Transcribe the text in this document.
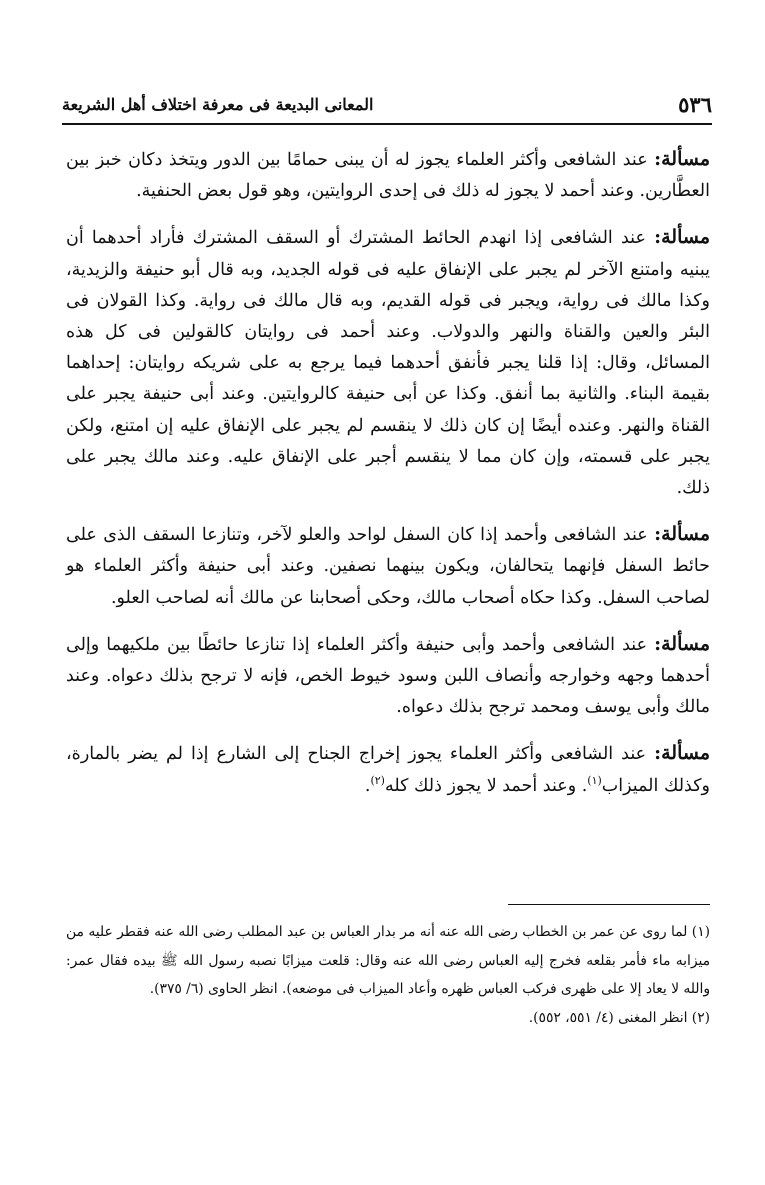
٥٣٦
المعانى البديعة فى معرفة اختلاف أهل الشريعة

مسألة: عند الشافعى وأكثر العلماء يجوز له أن يبنى حمامًا بين الدور ويتخذ دكان خبز بين العطَّارين. وعند أحمد لا يجوز له ذلك فى إحدى الروايتين، وهو قول بعض الحنفية.

مسألة: عند الشافعى إذا انهدم الحائط المشترك أو السقف المشترك فأراد أحدهما أن يبنيه وامتنع الآخر لم يجبر على الإنفاق عليه فى قوله الجديد، وبه قال أبو حنيفة والزيدية، وكذا مالك فى رواية، ويجبر فى قوله القديم، وبه قال مالك فى رواية. وكذا القولان فى البئر والعين والقناة والنهر والدولاب. وعند أحمد فى روايتان كالقولين فى كل هذه المسائل، وقال: إذا قلنا يجبر فأنفق أحدهما فيما يرجع به على شريكه روايتان: إحداهما بقيمة البناء. والثانية بما أنفق. وكذا عن أبى حنيفة كالروايتين. وعند أبى حنيفة يجبر على القناة والنهر. وعنده أيضًا إن كان ذلك لا ينقسم لم يجبر على الإنفاق عليه إن امتنع، ولكن يجبر على قسمته، وإن كان مما لا ينقسم أجبر على الإنفاق عليه. وعند مالك يجبر على ذلك.

مسألة: عند الشافعى وأحمد إذا كان السفل لواحد والعلو لآخر، وتنازعا السقف الذى على حائط السفل فإنهما يتحالفان، ويكون بينهما نصفين. وعند أبى حنيفة وأكثر العلماء هو لصاحب السفل. وكذا حكاه أصحاب مالك، وحكى أصحابنا عن مالك أنه لصاحب العلو.

مسألة: عند الشافعى وأحمد وأبى حنيفة وأكثر العلماء إذا تنازعا حائطًا بين ملكيهما وإلى أحدهما وجهه وخوارجه وأنصاف اللبن وسود خيوط الخص، فإنه لا ترجح بذلك دعواه. وعند مالك وأبى يوسف ومحمد ترجح بذلك دعواه.

مسألة: عند الشافعى وأكثر العلماء يجوز إخراج الجناح إلى الشارع إذا لم يضر بالمارة، وكذلك الميزاب$^{(١)}$. وعند أحمد لا يجوز ذلك كله$^{(٢)}$.

(١) لما روى عن عمر بن الخطاب رضى الله عنه أنه مر بدار العباس بن عبد المطلب رضى الله عنه فقطر عليه من ميزابه ماء فأمر بقلعه فخرج إليه العباس رضى الله عنه وقال: قلعت ميزابًا نصبه رسول الله ﷺ بيده فقال عمر: والله لا يعاد إلا على ظهرى فركب العباس ظهره وأعاد الميزاب فى موضعه). انظر الحاوى (٦/ ٣٧٥).

(٢) انظر المغنى (٤/ ٥٥١، ٥٥٢).
